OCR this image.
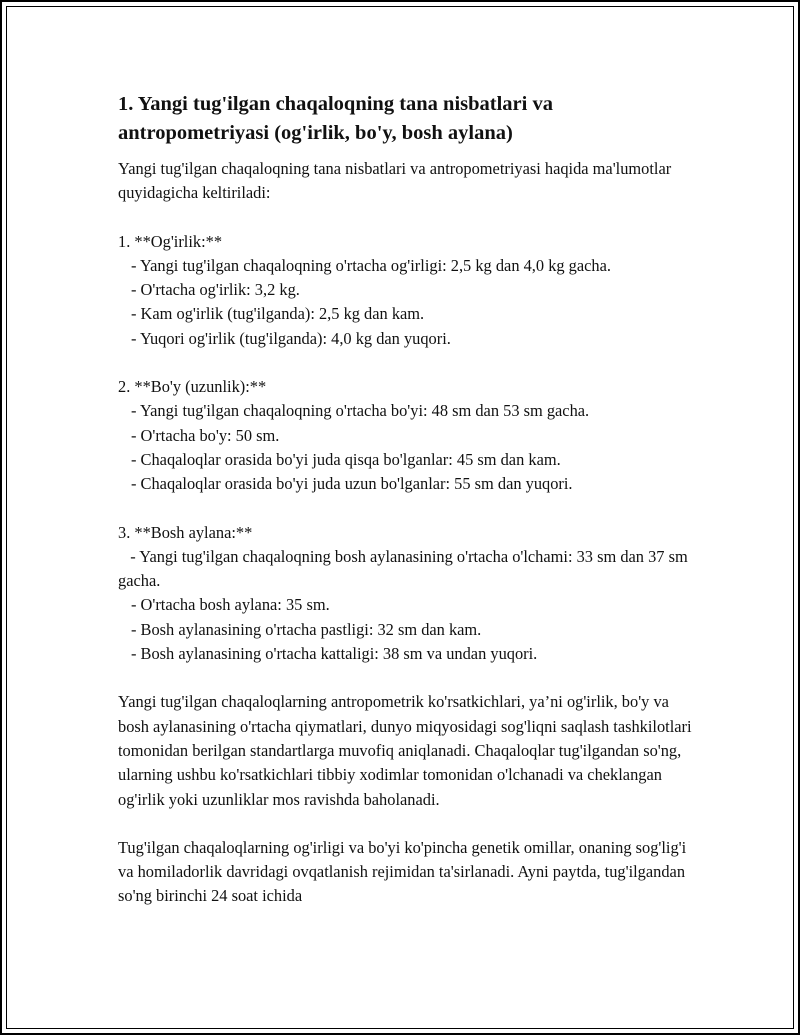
1. Yangi tug'ilgan chaqaloqning tana nisbatlari va antropometriyasi (og'irlik, bo'y, bosh aylana)

Yangi tug'ilgan chaqaloqning tana nisbatlari va antropometriyasi haqida ma'lumotlar quyidagicha keltiriladi:

1. **Og'irlik:**

- Yangi tug'ilgan chaqaloqning o'rtacha og'irligi: 2,5 kg dan 4,0 kg gacha.

- O'rtacha og'irlik: 3,2 kg.

- Kam og'irlik (tug'ilganda): 2,5 kg dan kam.

- Yuqori og'irlik (tug'ilganda): 4,0 kg dan yuqori.

2. **Bo'y (uzunlik):**

- Yangi tug'ilgan chaqaloqning o'rtacha bo'yi: 48 sm dan 53 sm gacha.

- O'rtacha bo'y: 50 sm.

- Chaqaloqlar orasida bo'yi juda qisqa bo'lganlar: 45 sm dan kam.

- Chaqaloqlar orasida bo'yi juda uzun bo'lganlar: 55 sm dan yuqori.

3. **Bosh aylana:**

- Yangi tug'ilgan chaqaloqning bosh aylanasining o'rtacha o'lchami: 33 sm dan 37 sm gacha.

- O'rtacha bosh aylana: 35 sm.

- Bosh aylanasining o'rtacha pastligi: 32 sm dan kam.

- Bosh aylanasining o'rtacha kattaligi: 38 sm va undan yuqori.

Yangi tug'ilgan chaqaloqlarning antropometrik ko'rsatkichlari, ya’ni og'irlik, bo'y va bosh aylanasining o'rtacha qiymatlari, dunyo miqyosidagi sog'liqni saqlash tashkilotlari tomonidan berilgan standartlarga muvofiq aniqlanadi. Chaqaloqlar tug'ilgandan so'ng, ularning ushbu ko'rsatkichlari tibbiy xodimlar tomonidan o'lchanadi va cheklangan og'irlik yoki uzunliklar mos ravishda baholanadi.

Tug'ilgan chaqaloqlarning og'irligi va bo'yi ko'pincha genetik omillar, onaning sog'lig'i va homiladorlik davridagi ovqatlanish rejimidan ta'sirlanadi. Ayni paytda, tug'ilgandan so'ng birinchi 24 soat ichida
